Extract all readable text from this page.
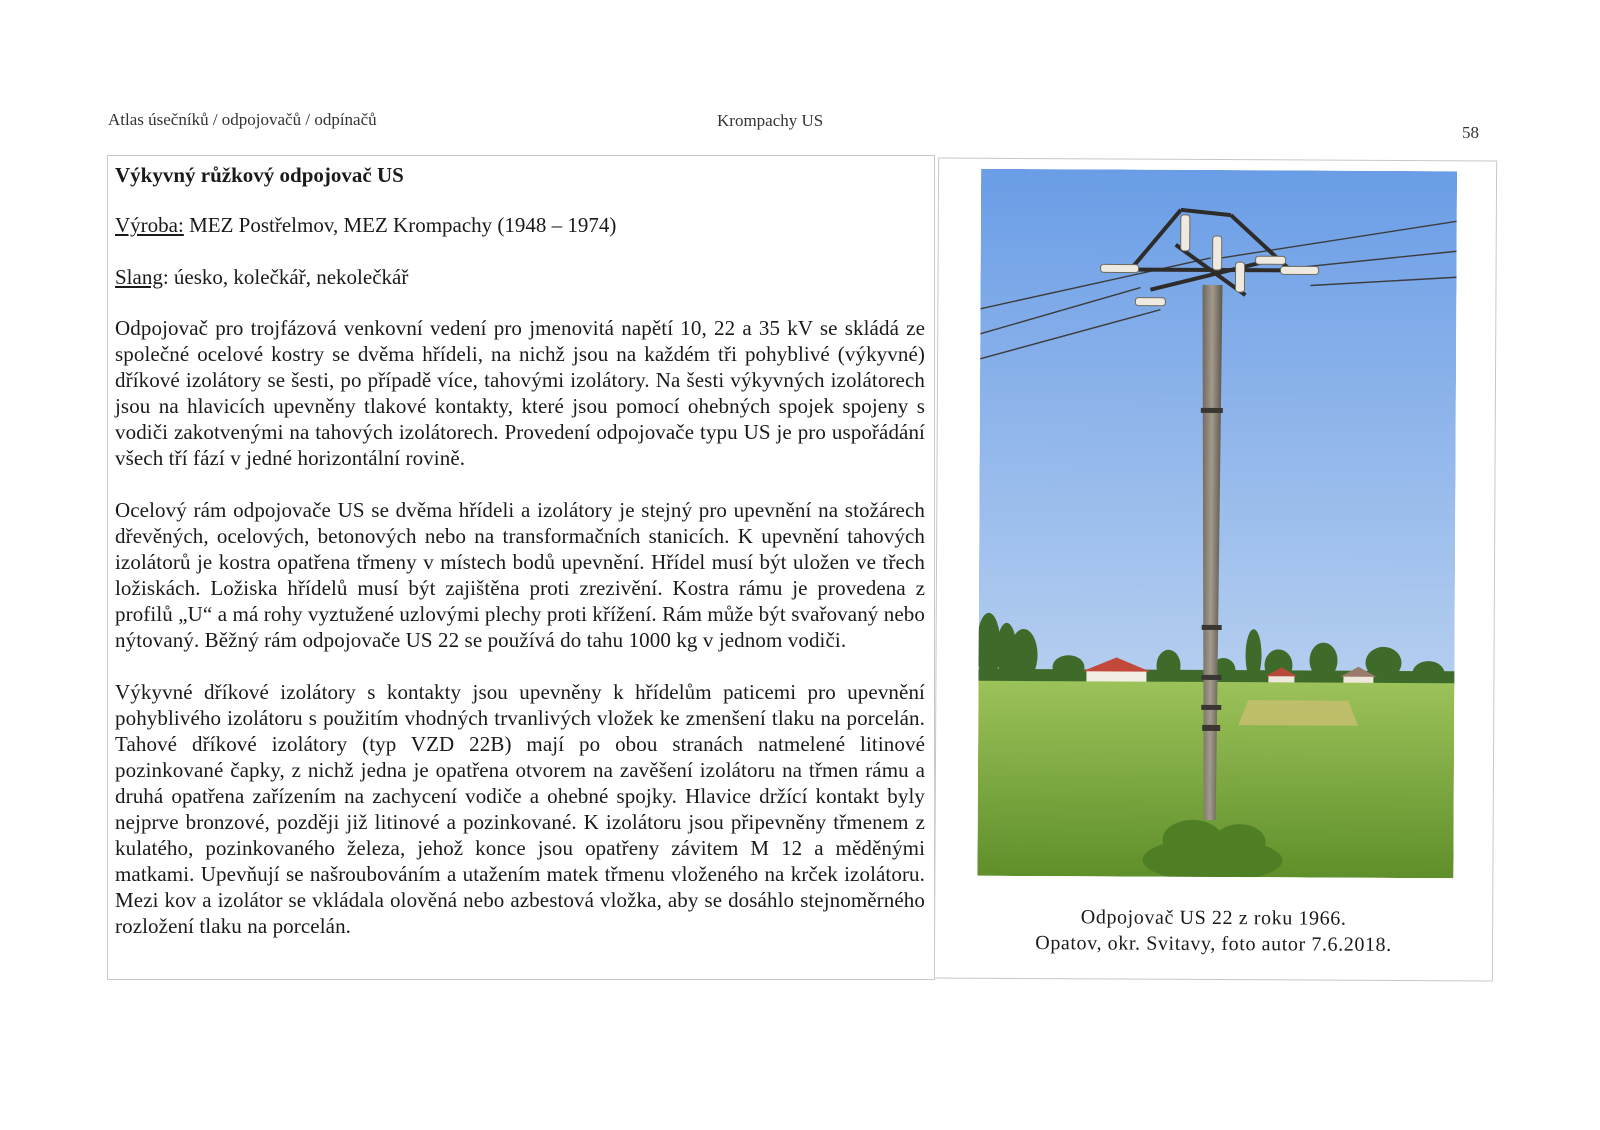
Atlas úsečníků / odpojovačů / odpínačů	Krompachy US
58

Výkyvný růžkový odpojovač US

Výroba: MEZ Postřelmov, MEZ Krompachy (1948 – 1974)

Slang: úesko, kolečkář, nekolečkář

Odpojovač pro trojfázová venkovní vedení pro jmenovitá napětí 10, 22 a 35 kV se skládá ze společné ocelové kostry se dvěma hřídeli, na nichž jsou na každém tři pohyblivé (výkyvné) dříkové izolátory se šesti, po případě více, tahovými izolátory. Na šesti výkyvných izolátorech jsou na hlavicích upevněny tlakové kontakty, které jsou pomocí ohebných spojek spojeny s vodiči zakotvenými na tahových izolátorech. Provedení odpojovače typu US je pro uspořádání všech tří fází v jedné horizontální rovině.

Ocelový rám odpojovače US se dvěma hřídeli a izolátory je stejný pro upevnění na stožárech dřevěných, ocelových, betonových nebo na transformačních stanicích. K upevnění tahových izolátorů je kostra opatřena třmeny v místech bodů upevnění. Hřídel musí být uložen ve třech ložiskách. Ložiska hřídelů musí být zajištěna proti zrezivění. Kostra rámu je provedena z profilů „U“ a má rohy vyztužené uzlovými plechy proti křížení. Rám může být svařovaný nebo nýtovaný. Běžný rám odpojovače US 22 se používá do tahu 1000 kg v jednom vodiči.

Výkyvné dříkové izolátory s kontakty jsou upevněny k hřídelům paticemi pro upevnění pohyblivého izolátoru s použitím vhodných trvanlivých vložek ke zmenšení tlaku na porcelán. Tahové dříkové izolátory (typ VZD 22B) mají po obou stranách natmelené litinové pozinkované čapky, z nichž jedna je opatřena otvorem na zavěšení izolátoru na třmen rámu a druhá opatřena zařízením na zachycení vodiče a ohebné spojky. Hlavice držící kontakt byly nejprve bronzové, později již litinové a pozinkované. K izolátoru jsou připevněny třmenem z kulatého, pozinkovaného železa, jehož konce jsou opatřeny závitem M 12 a měděnými matkami. Upevňují se našroubováním a utažením matek třmenu vloženého na krček izolátoru. Mezi kov a izolátor se vkládala olověná nebo azbestová vložka, aby se dosáhlo stejnoměrného rozložení tlaku na porcelán.	Odpojovač US 22 z roku 1966.
Opatov, okr. Svitavy, foto autor 7.6.2018.
